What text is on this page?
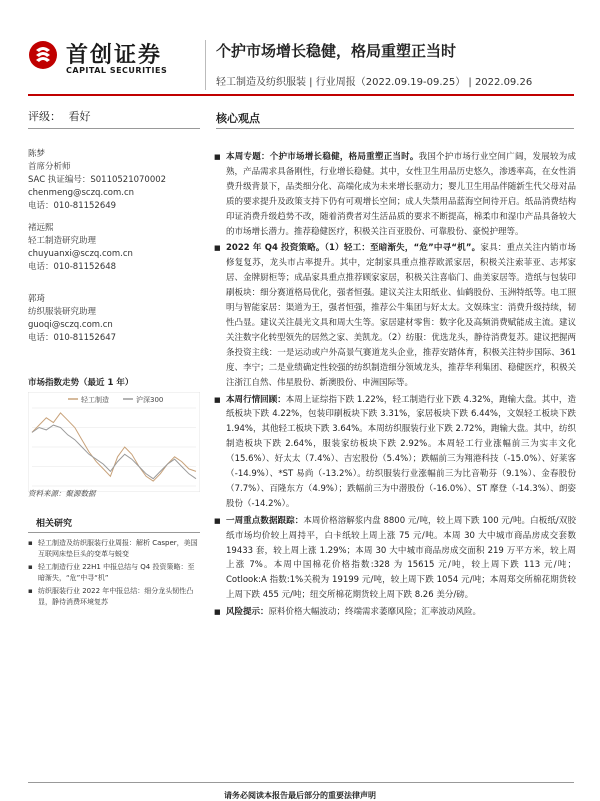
首创证券
CAPITAL SECURITIES
个护市场增长稳健，格局重塑正当时
轻工制造及纺织服装 | 行业周报（2022.09.19-09.25） | 2022.09.26
评级： 看好	核心观点
陈梦
首席分析师
SAC 执证编号：S0110521070002
chenmeng@sczq.com.cn
电话：010-81152649
褚远熙
轻工制造研究助理
chuyuanxi@sczq.com.cn
电话：010-81152648
郭琦
纺织服装研究助理
guoqi@sczq.com.cn
电话：010-81152647
市场指数走势（最近 1 年）
轻工制造	沪深300
资料来源：聚源数据
相关研究
▪ 轻工制造及纺织服装行业周报：解析 Casper，美国互联网床垫巨头的变革与蜕变
▪ 轻工制造行业 22H1 中报总结与 Q4 投资策略：至暗渐失，“危”中寻“机”
▪ 纺织服装行业 2022 年中报总结：细分龙头韧性凸显，静待消费环境复苏
■ 本周专题：个护市场增长稳健，格局重塑正当时。我国个护市场行业空间广阔，发展较为成熟，产品需求具备刚性，行业增长稳健。其中，女性卫生用品历史悠久，渗透率高，在女性消费升级背景下，品类细分化、高端化成为未来增长驱动力；婴儿卫生用品伴随新生代父母对品质的要求提升及政策支持下仍有可观增长空间；成人失禁用品蓝海空间待开启。纸品消费结构印证消费升级趋势不改，随着消费者对生活品质的要求不断提高，棉柔巾和湿巾产品具备较大的市场增长潜力。推荐稳健医疗，积极关注百亚股份、可靠股份、豪悦护理等。
■ 2022 年 Q4 投资策略。（1）轻工：至暗渐失，“危”中寻“机”。家具：重点关注内销市场修复复苏，龙头市占率提升。其中，定制家具重点推荐欧派家居，积极关注索菲亚、志邦家居、金牌厨柜等；成品家具重点推荐顾家家居，积极关注喜临门、曲美家居等。造纸与包装印刷板块：细分赛道格局优化，强者恒强。建议关注太阳纸业、仙鹤股份、玉洲特纸等。电工照明与智能家居：渠道为王，强者恒强，推荐公牛集团与好太太。文娱珠宝：消费升级持续，韧性凸显。建议关注晨光文具和周大生等。家居建材零售：数字化及高频消费赋能成主流。建议关注数字化转型领先的居然之家、美凯龙。（2）纺服：优选龙头，静待消费复苏。建议把握两条投资主线：一是运动或户外高景气赛道龙头企业，推荐安踏体育，积极关注特步国际、361 度、李宁；二是业绩确定性较强的纺织制造细分领域龙头，推荐华利集团、稳健医疗，积极关注浙江自然、伟星股份、新澳股份、申洲国际等。
■ 本周行情回顾：本周上证综指下跌 1.22%，轻工制造行业下跌 4.32%，跑输大盘。其中，造纸板块下跌 4.22%，包装印刷板块下跌 3.31%，家居板块下跌 6.44%，文娱轻工板块下跌 1.94%，其他轻工板块下跌 3.64%。本周纺织服装行业下跌 2.72%，跑输大盘。其中，纺织制造板块下跌 2.64%，服装家纺板块下跌 2.92%。本周轻工行业涨幅前三为实丰文化（15.6%）、好太太（7.4%）、吉宏股份（5.4%）；跌幅前三为翔港科技（-15.0%）、好莱客（-14.9%）、*ST 易尚（-13.2%）。纺织服装行业涨幅前三为比音勒芬（9.1%）、金春股份（7.7%）、百隆东方（4.9%）；跌幅前三为中潜股份（-16.0%）、ST 摩登（-14.3%）、朗姿股份（-14.2%）。
■ 一周重点数据跟踪：本周价格溶解浆内盘 8800 元/吨，较上周下跌 100 元/吨。白板纸/双胶纸市场均价较上周持平，白卡纸较上周上涨 75 元/吨。本周 30 大中城市商品房成交套数 19433 套，较上周上涨 1.29%；本周 30 大中城市商品房成交面积 219 万平方米，较上周上涨 7%。本周中国棉花价格指数:328 为 15615 元/吨，较上周下跌 113 元/吨；Cotlook:A 指数:1%关税为 19199 元/吨，较上周下跌 1054 元/吨；本周郑交所棉花期货较上周下跌 455 元/吨；纽交所棉花期货较上周下跌 8.26 美分/磅。
■ 风险提示：原料价格大幅波动；终端需求萎靡风险；汇率波动风险。
请务必阅读本报告最后部分的重要法律声明
